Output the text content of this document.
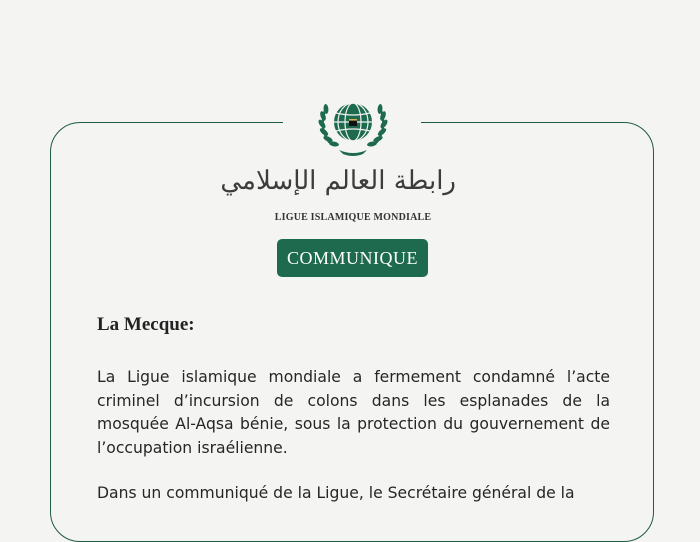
رابطة العالم الإسلامي
LIGUE ISLAMIQUE MONDIALE
COMMUNIQUE
La Mecque:

La Ligue islamique mondiale a fermement condamné l’acte criminel d’incursion de colons dans les esplanades de la mosquée Al-Aqsa bénie, sous la protection du gouvernement de l’occupation israélienne.

Dans un communiqué de la Ligue, le Secrétaire général de la
